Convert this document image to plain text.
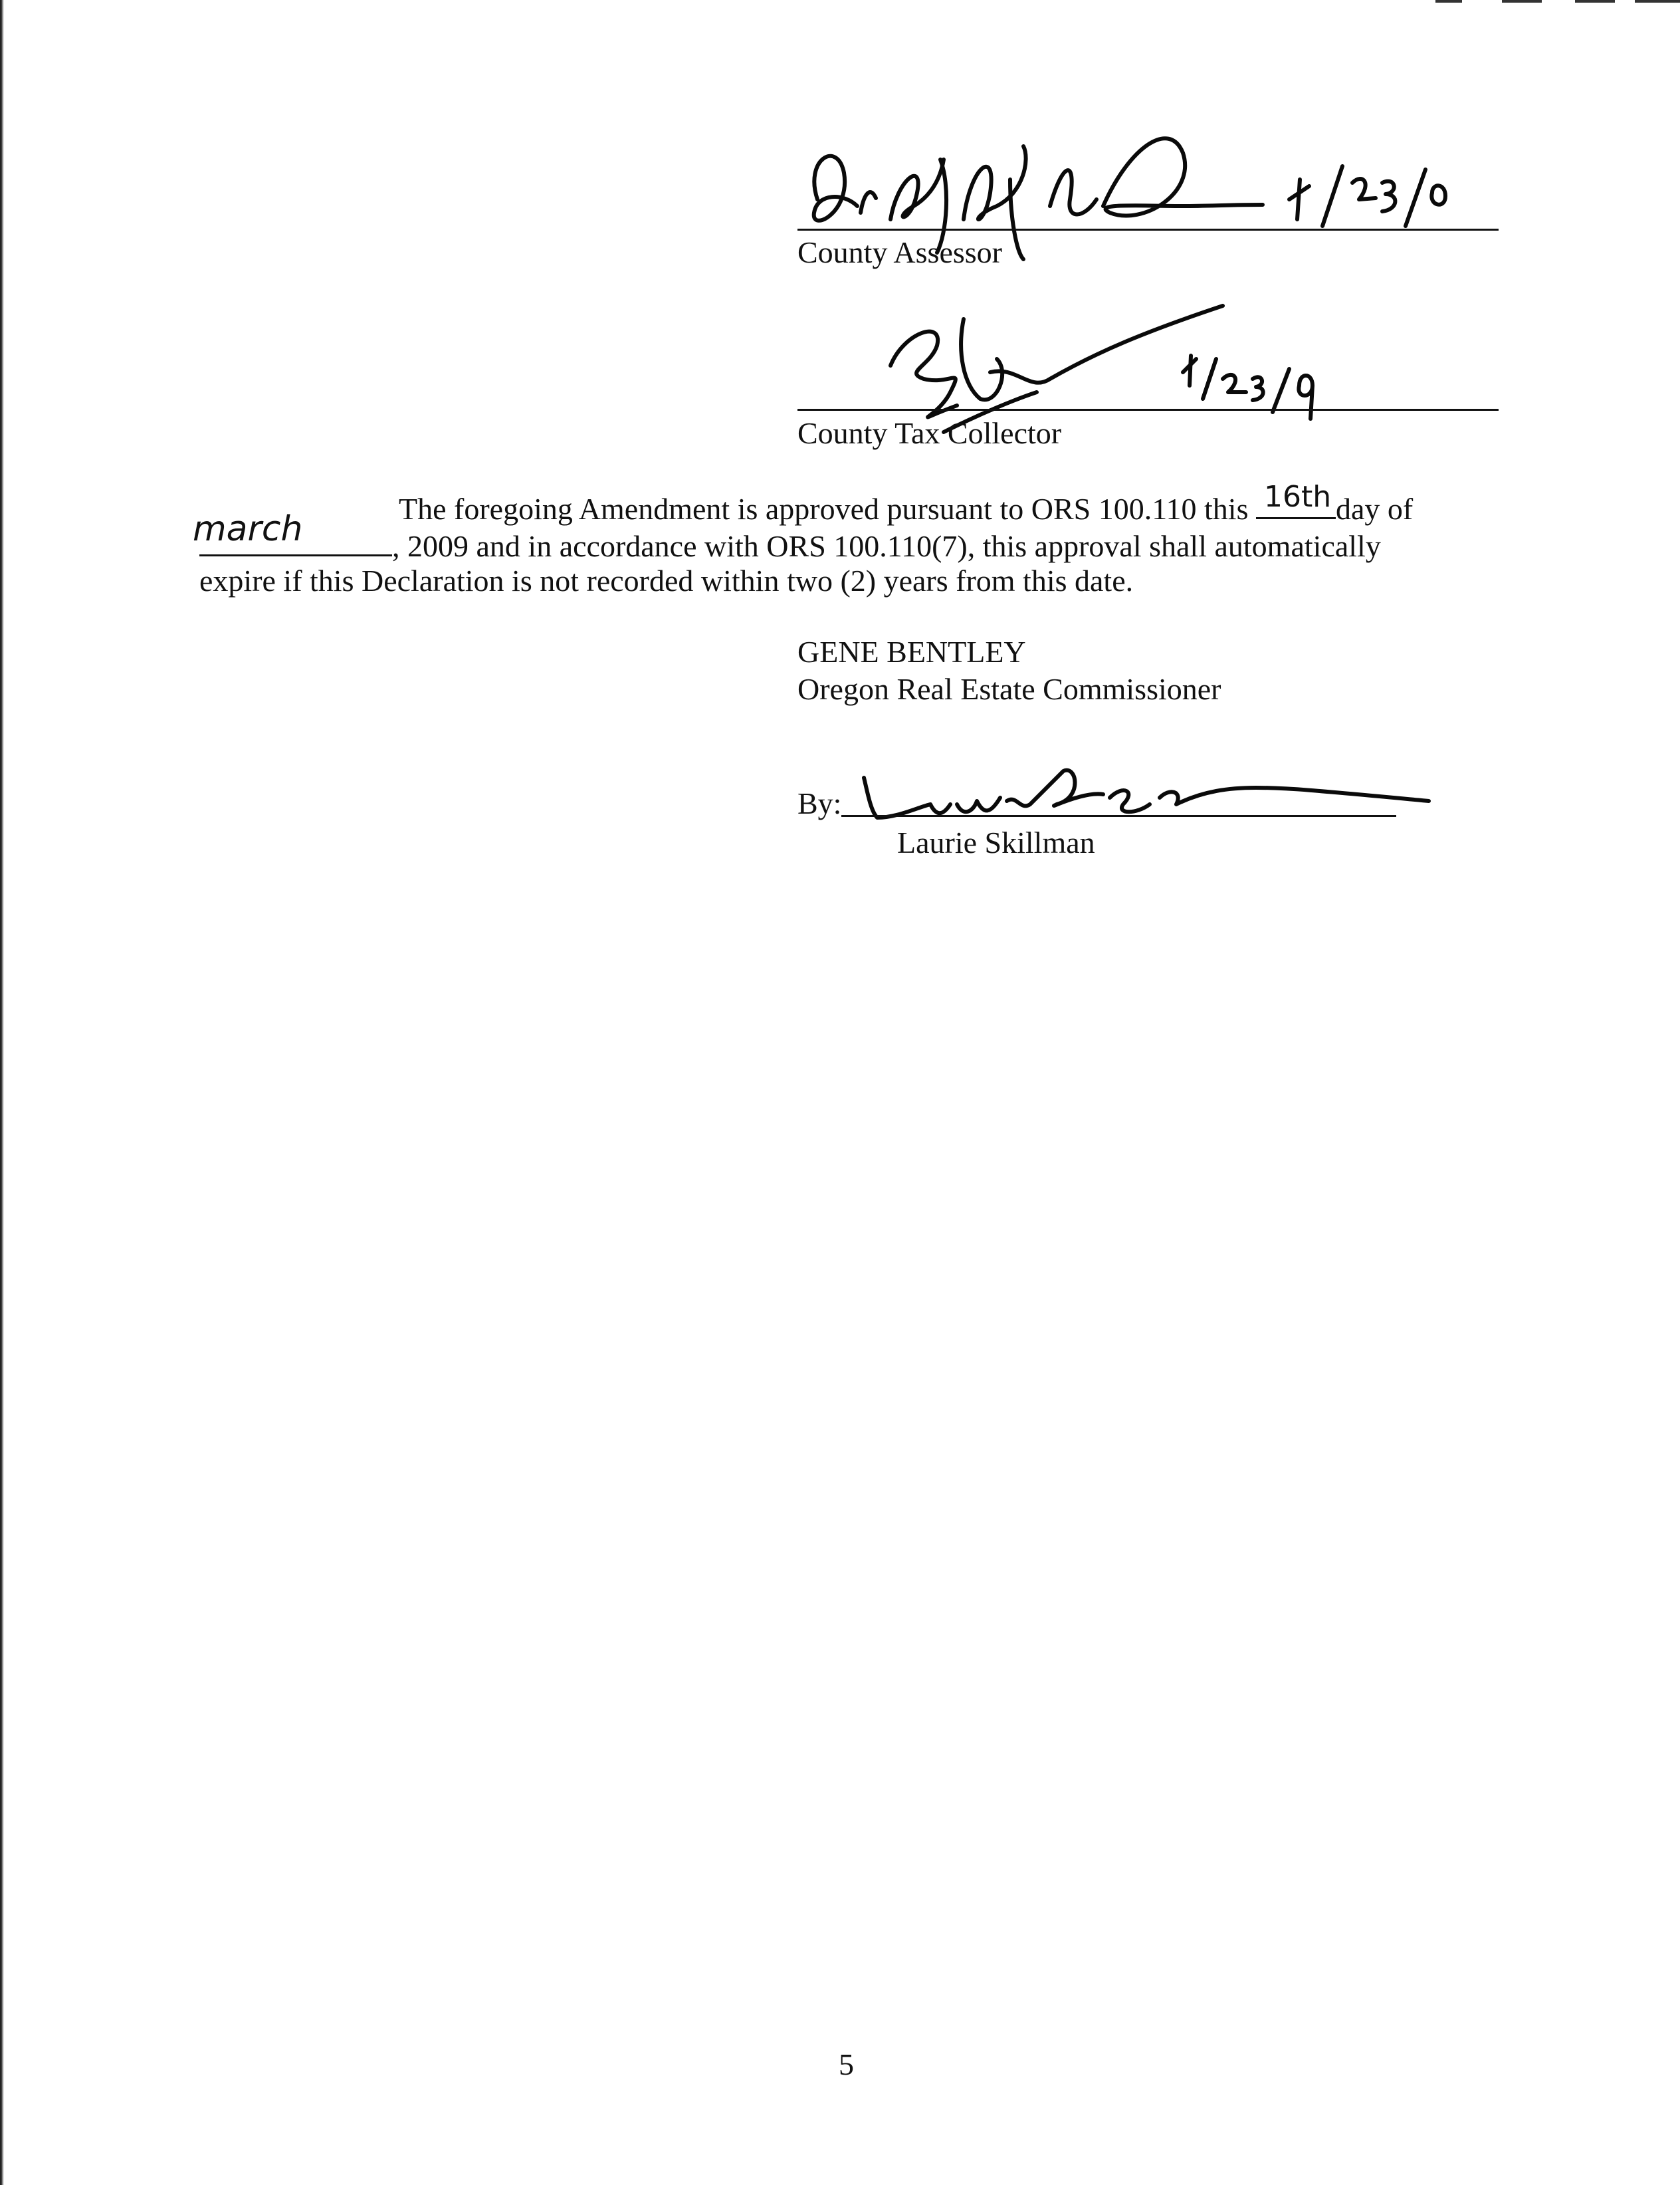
County Assessor
County Tax Collector
The foregoing Amendment is approved pursuant to ORS 100.110 this 16th day of
march	, 2009 and in accordance with ORS 100.110(7), this approval shall automatically
expire if this Declaration is not recorded within two (2) years from this date.
GENE BENTLEY
Oregon Real Estate Commissioner
By:
Laurie Skillman
5
